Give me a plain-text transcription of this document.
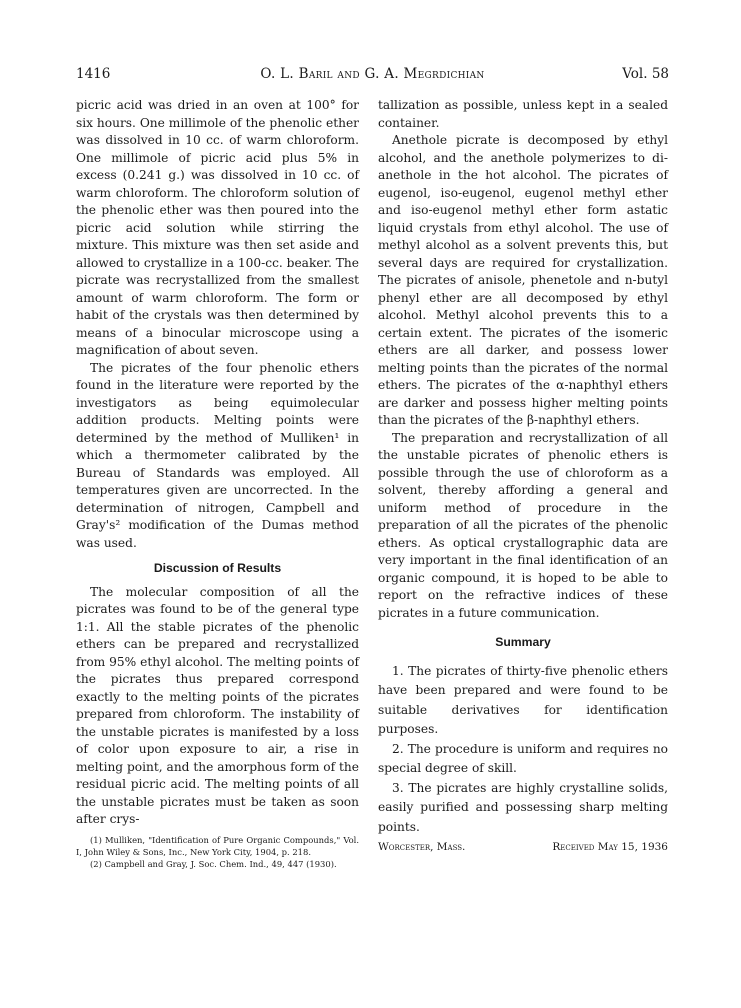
1416	O. L. Baril and G. A. Megrdichian	Vol. 58

picric acid was dried in an oven at 100° for six hours. One millimole of the phenolic ether was dissolved in 10 cc. of warm chloroform. One millimole of picric acid plus 5% in excess (0.241 g.) was dissolved in 10 cc. of warm chloroform. The chloroform solution of the phenolic ether was then poured into the picric acid solution while stirring the mixture. This mixture was then set aside and allowed to crystallize in a 100-cc. beaker. The picrate was recrystallized from the smallest amount of warm chloroform. The form or habit of the crystals was then determined by means of a binocular microscope using a magnification of about seven.

The picrates of the four phenolic ethers found in the literature were reported by the investigators as being equimolecular addition products. Melting points were determined by the method of Mulliken¹ in which a thermometer calibrated by the Bureau of Standards was employed. All temperatures given are uncorrected. In the determination of nitrogen, Campbell and Gray's² modification of the Dumas method was used.

Discussion of Results

The molecular composition of all the picrates was found to be of the general type 1:1. All the stable picrates of the phenolic ethers can be prepared and recrystallized from 95% ethyl alcohol. The melting points of the picrates thus prepared correspond exactly to the melting points of the picrates prepared from chloroform. The instability of the unstable picrates is manifested by a loss of color upon exposure to air, a rise in melting point, and the amorphous form of the residual picric acid. The melting points of all the unstable picrates must be taken as soon after crys-

(1) Mulliken, "Identification of Pure Organic Compounds," Vol. I, John Wiley & Sons, Inc., New York City, 1904, p. 218.

(2) Campbell and Gray, J. Soc. Chem. Ind., 49, 447 (1930).

tallization as possible, unless kept in a sealed container.

Anethole picrate is decomposed by ethyl alcohol, and the anethole polymerizes to di-anethole in the hot alcohol. The picrates of eugenol, iso-eugenol, eugenol methyl ether and iso-eugenol methyl ether form astatic liquid crystals from ethyl alcohol. The use of methyl alcohol as a solvent prevents this, but several days are required for crystallization. The picrates of anisole, phenetole and n-butyl phenyl ether are all decomposed by ethyl alcohol. Methyl alcohol prevents this to a certain extent. The picrates of the isomeric ethers are all darker, and possess lower melting points than the picrates of the normal ethers. The picrates of the α-naphthyl ethers are darker and possess higher melting points than the picrates of the β-naphthyl ethers.

The preparation and recrystallization of all the unstable picrates of phenolic ethers is possible through the use of chloroform as a solvent, thereby affording a general and uniform method of procedure in the preparation of all the picrates of the phenolic ethers. As optical crystallographic data are very important in the final identification of an organic compound, it is hoped to be able to report on the refractive indices of these picrates in a future communication.

Summary

1. The picrates of thirty-five phenolic ethers have been prepared and were found to be suitable derivatives for identification purposes.

2. The procedure is uniform and requires no special degree of skill.

3. The picrates are highly crystalline solids, easily purified and possessing sharp melting points.

Worcester, Mass.	Received May 15, 1936
